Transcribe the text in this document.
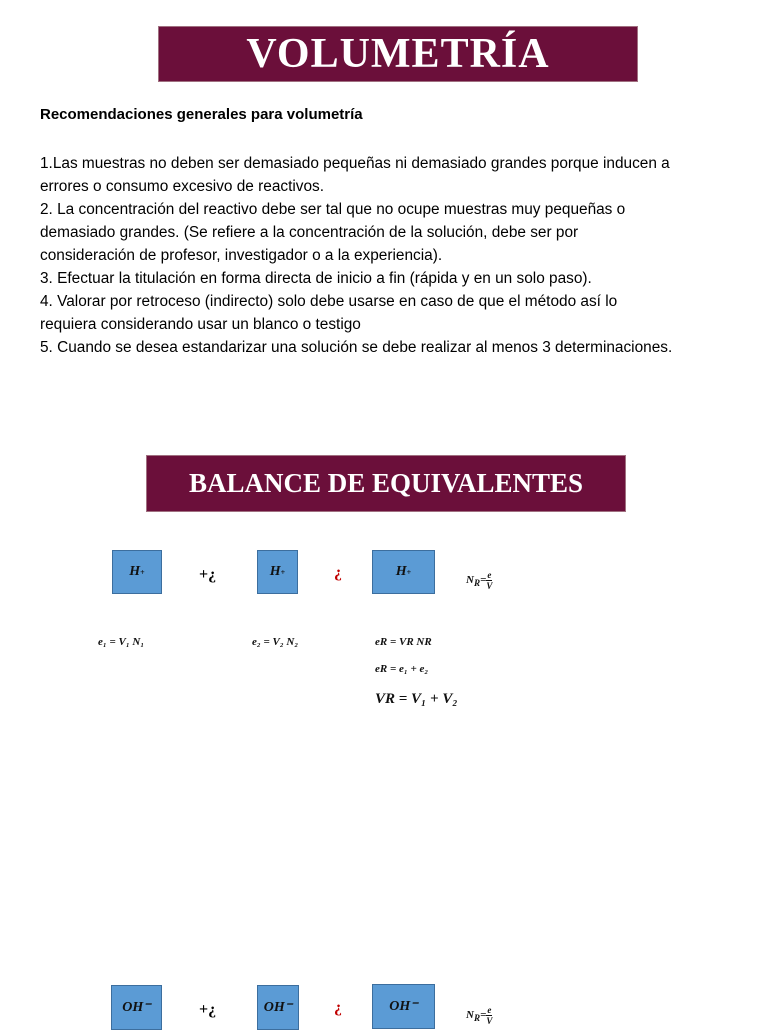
VOLUMETRÍA
Recomendaciones generales para volumetría
1.Las muestras no deben ser demasiado pequeñas ni demasiado grandes porque inducen a
errores o consumo excesivo de reactivos.
2. La concentración del reactivo debe ser tal que no ocupe muestras muy pequeñas o
demasiado grandes. (Se refiere a la concentración de la solución, debe ser por
consideración de profesor, investigador o a la experiencia).
3. Efectuar la titulación en forma directa de inicio a fin (rápida y en un solo paso).
4. Valorar por retroceso (indirecto) solo debe usarse en caso de que el método así lo
requiera considerando usar un blanco o testigo
5. Cuando se desea estandarizar una solución se debe realizar al menos 3 determinaciones.
BALANCE DE EQUIVALENTES
H +	+¿	H +	¿	H +
$N_R= \frac{e}{V}$
e₁ = V₁ N₁	e₂ = V₂ N₂	eR = VR NR
eR = e₁ + e₂
VR = V₁ + V₂
OH⁻	+¿	OH⁻	¿	OH⁻
$N_R= \frac{e}{V}$
